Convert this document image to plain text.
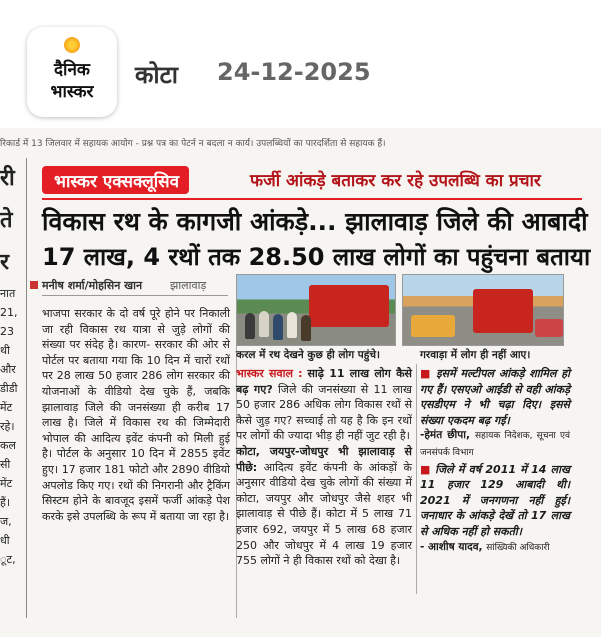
दैनिक
भास्कर
कोटा 24-12-2025
रिकार्ड में 13 जिलवार में सहायक आयोग - प्रश्न पत्र का पेटर्न न बदला न कार्य। उपलब्धियों का पारदर्शिता से सहायक हैं।
री
ते
र
नात
21,
23
थी
और
डीडी
मेंट
रहे।
कल
सी
मेंट
हैं।
ज,
धी
ूट,
भास्कर एक्सक्लूसिव	फर्जी आंकड़े बताकर कर रहे उपलब्धि का प्रचार
विकास रथ के कागजी आंकड़े... झालावाड़ जिले की आबादी
17 लाख, 4 रथों तक 28.50 लाख लोगों का पहुंचना बताया
मनीष शर्मा/मोहसिन खान	झालावाड़
भाजपा सरकार के दो वर्ष पूरे होने पर निकाली जा रही विकास रथ यात्रा से जुड़े लोगों की संख्या पर संदेह है। कारण- सरकार की ओर से पोर्टल पर बताया गया कि 10 दिन में चारों रथों पर 28 लाख 50 हजार 286 लोग सरकार की योजनाओं के वीडियो देख चुके हैं, जबकि झालावाड़ जिले की जनसंख्या ही करीब 17 लाख है। जिले में विकास रथ की जिम्मेदारी भोपाल की आदित्य इवेंट कंपनी को मिली हुई है। पोर्टल के अनुसार 10 दिन में 2855 इवेंट हुए। 17 हजार 181 फोटो और 2890 वीडियो अपलोड किए गए। रथों की निगरानी और ट्रैकिंग सिस्टम होने के बावजूद इसमें फर्जी आंकड़े पेश करके इसे उपलब्धि के रूप में बताया जा रहा है।
करल में रथ देखने कुछ ही लोग पहुंचे।	गरवाड़ा में लोग ही नहीं आए।
भास्कर सवाल : साढ़े 11 लाख लोग कैसे बढ़ गए? जिले की जनसंख्या से 11 लाख 50 हजार 286 अधिक लोग विकास रथों से कैसे जुड़ गए? सच्चाई तो यह है कि इन रथों पर लोगों की ज्यादा भीड़ ही नहीं जुट रही है।
कोटा, जयपुर-जोधपुर भी झालावाड़ से पीछे: आदित्य इवेंट कंपनी के आंकड़ों के अनुसार वीडियो देख चुके लोगों की संख्या में कोटा, जयपुर और जोधपुर जैसे शहर भी झालावाड़ से पीछे हैं। कोटा में 5 लाख 71 हजार 692, जयपुर में 5 लाख 68 हजार 250 और जोधपुर में 4 लाख 19 हजार 755 लोगों ने ही विकास रथों को देखा है।
■ इसमें मल्टीपल आंकड़े शामिल हो गए हैं। एसएओ आईडी से वही आंकड़े एसडीएम ने भी चढ़ा दिए। इससे संख्या एकदम बढ़ गई।
-हेमंत छीपा, सहायक निदेशक, सूचना एवं जनसंपर्क विभाग
■ जिले में वर्ष 2011 में 14 लाख 11 हजार 129 आबादी थी। 2021 में जनगणना नहीं हुई। जनाधार के आंकड़े देखें तो 17 लाख से अधिक नहीं हो सकती।
- आशीष यादव, सांख्यिकी अधिकारी
